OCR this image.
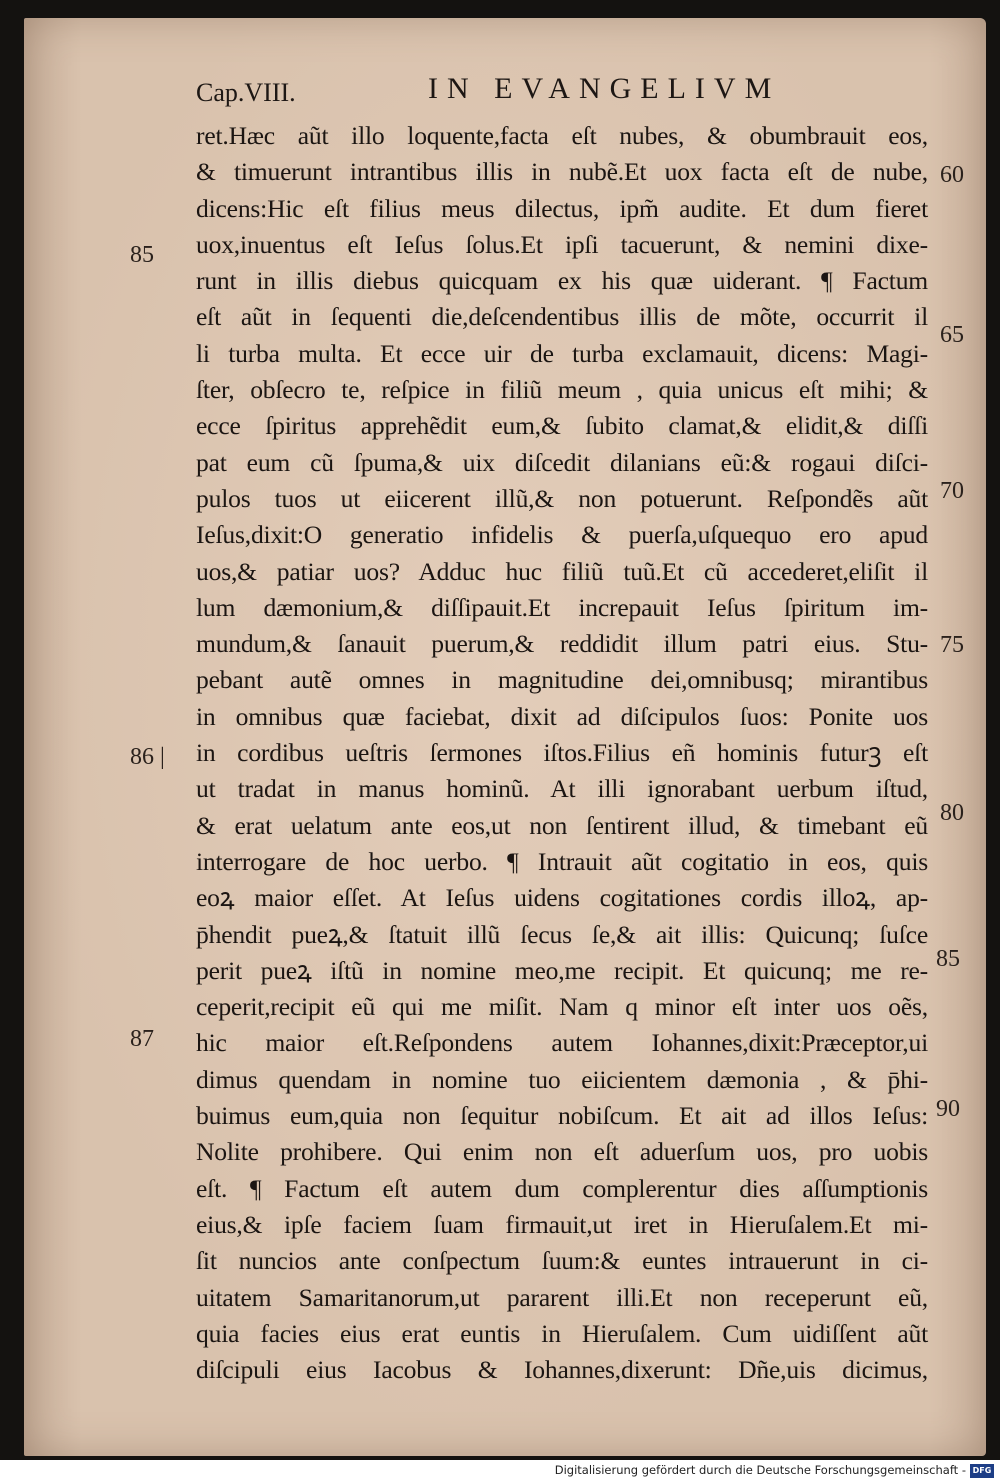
Cap.VIII.	IN EVANGELIVM
ret.Hæc aũt illo loquente,facta eſt nubes, & obumbrauit eos,
& timuerunt intrantibus illis in nubẽ.Et uox facta eſt de nube,
dicens:Hic eſt filius meus dilectus, ipm̃ audite. Et dum fieret
uox,inuentus eſt Ieſus ſolus.Et ipſi tacuerunt, & nemini dixe-
runt in illis diebus quicquam ex his quæ uiderant. ¶ Factum
eſt aũt in ſequenti die,deſcendentibus illis de mõte, occurrit il
li turba multa. Et ecce uir de turba exclamauit, dicens: Magi-
ſter, obſecro te, reſpice in filiũ meum , quia unicus eſt mihi; &
ecce ſpiritus apprehẽdit eum,& ſubito clamat,& elidit,& diſſi
pat eum cũ ſpuma,& uix diſcedit dilanians eũ:& rogaui diſci-
pulos tuos ut eiicerent illũ,& non potuerunt. Reſpondẽs aũt
Ieſus,dixit:O generatio infidelis & puerſa,uſquequo ero apud
uos,& patiar uos? Adduc huc filiũ tuũ.Et cũ accederet,eliſit il
lum dæmonium,& diſſipauit.Et increpauit Ieſus ſpiritum im-
mundum,& ſanauit puerum,& reddidit illum patri eius. Stu-
pebant autẽ omnes in magnitudine dei,omnibusq; mirantibus
in omnibus quæ faciebat, dixit ad diſcipulos ſuos: Ponite uos
in cordibus ueſtris ſermones iſtos.Filius eñ hominis futurꝫ eſt
ut tradat in manus hominũ. At illi ignorabant uerbum iſtud,
& erat uelatum ante eos,ut non ſentirent illud, & timebant eũ
interrogare de hoc uerbo. ¶ Intrauit aũt cogitatio in eos, quis
eoꝝ maior eſſet. At Ieſus uidens cogitationes cordis illoꝝ, ap-
p̄hendit pueꝝ,& ſtatuit illũ ſecus ſe,& ait illis: Quicunq; ſuſce
perit pueꝝ iſtũ in nomine meo,me recipit. Et quicunq; me re-
ceperit,recipit eũ qui me miſit. Nam q minor eſt inter uos oẽs,
hic maior eſt.Reſpondens autem Iohannes,dixit:Præceptor,ui
dimus quendam in nomine tuo eiicientem dæmonia , & p̄hi-
buimus eum,quia non ſequitur nobiſcum. Et ait ad illos Ieſus:
Nolite prohibere. Qui enim non eſt aduerſum uos, pro uobis
eſt. ¶ Factum eſt autem dum complerentur dies aſſumptionis
eius,& ipſe faciem ſuam firmauit,ut iret in Hieruſalem.Et mi-
ſit nuncios ante conſpectum ſuum:& euntes intrauerunt in ci-
uitatem Samaritanorum,ut pararent illi.Et non receperunt eũ,
quia facies eius erat euntis in Hieruſalem. Cum uidiſſent aũt
diſcipuli eius Iacobus & Iohannes,dixerunt: Dñe,uis dicimus,
85
86 |
87
60
65
70
75
80
85
90
Digitalisierung gefördert durch die Deutsche Forschungsgemeinschaft - DFG
